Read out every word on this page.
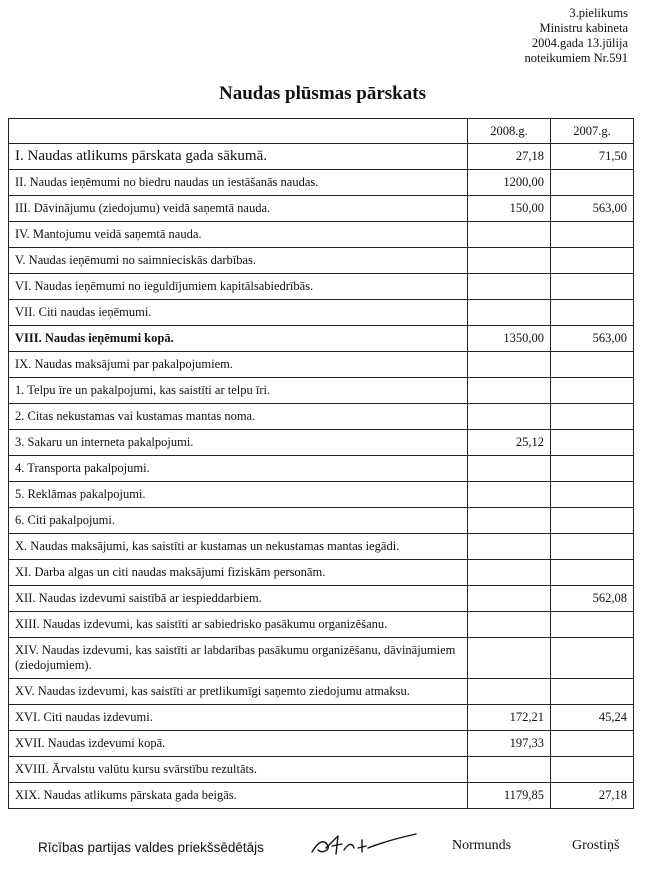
3.pielikums
Ministru kabineta
2004.gada 13.jūlija
noteikumiem Nr.591
Naudas plūsmas pārskats
	2008.g.	2007.g.
I. Naudas atlikums pārskata gada sākumā.	27,18	71,50
II. Naudas ieņēmumi no biedru naudas un iestāšanās naudas.	1200,00	
III. Dāvinājumu (ziedojumu) veidā saņemtā nauda.	150,00	563,00
IV. Mantojumu veidā saņemtā nauda.		
V. Naudas ieņēmumi no saimnieciskās darbības.		
VI. Naudas ieņēmumi no ieguldījumiem kapitālsabiedrībās.		
VII. Citi naudas ieņēmumi.		
VIII. Naudas ieņēmumi kopā.	1350,00	563,00
IX. Naudas maksājumi par pakalpojumiem.		
1. Telpu īre un pakalpojumi, kas saistīti ar telpu īri.		
2. Citas nekustamas vai kustamas mantas noma.		
3. Sakaru un interneta pakalpojumi.	25,12	
4. Transporta pakalpojumi.		
5. Reklāmas pakalpojumi.		
6. Citi pakalpojumi.		
X. Naudas maksājumi, kas saistīti ar kustamas un nekustamas mantas iegādi.		
XI. Darba algas un citi naudas maksājumi fiziskām personām.		
XII. Naudas izdevumi saistībā ar iespieddarbiem.		562,08
XIII. Naudas izdevumi, kas saistīti ar sabiedrisko pasākumu organizēšanu.		
XIV. Naudas izdevumi, kas saistīti ar labdarības pasākumu organizēšanu, dāvinājumiem (ziedojumiem).		
XV. Naudas izdevumi, kas saistīti ar pretlikumīgi saņemto ziedojumu atmaksu.		
XVI. Citi naudas izdevumi.	172,21	45,24
XVII. Naudas izdevumi kopā.	197,33	
XVIII. Ārvalstu valūtu kursu svārstību rezultāts.		
XIX. Naudas atlikums pārskata gada beigās.	1179,85	27,18
Rīcības partijas valdes priekšsēdētājs	Normunds	Grostiņš
